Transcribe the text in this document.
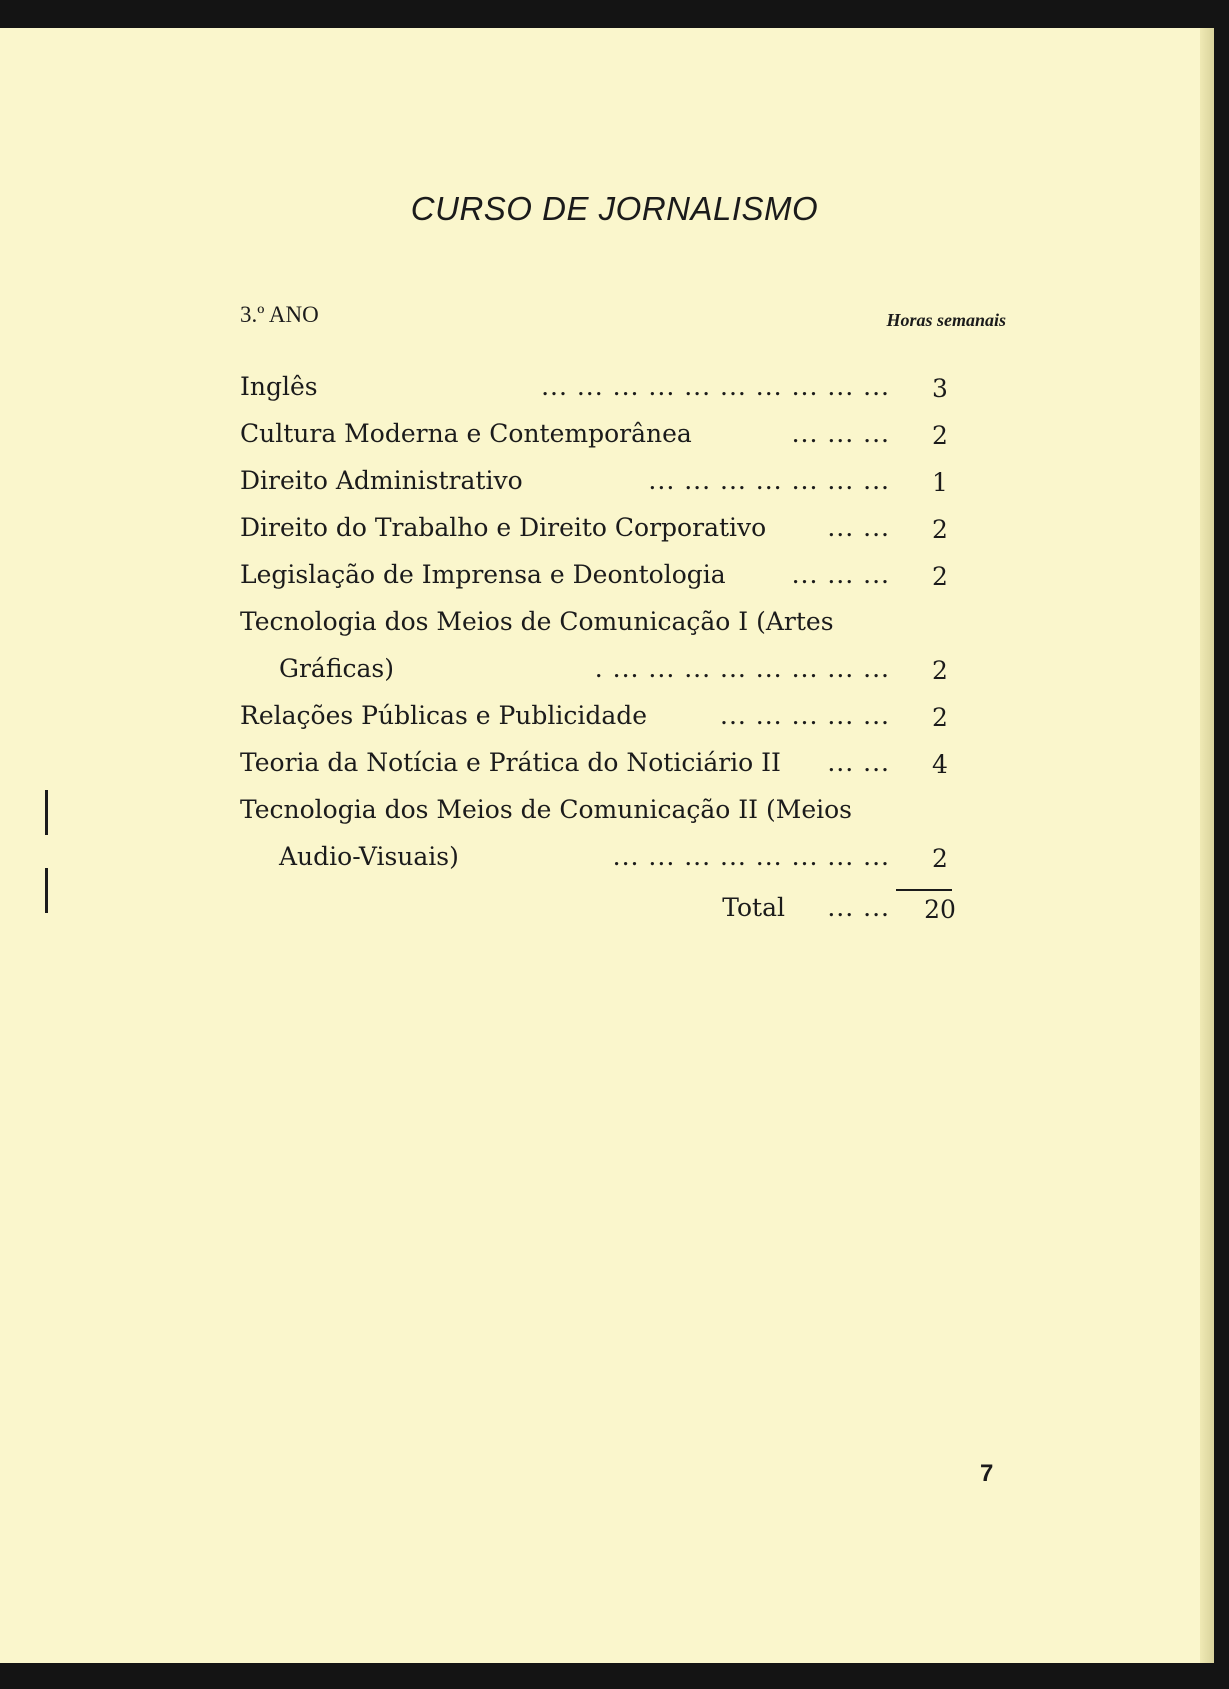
CURSO DE JORNALISMO
3.º ANO	Horas semanais
... ... ... ... ... ... ... ... ... ...
Inglês	3
... ... ...
Cultura Moderna e Contemporânea	2
... ... ... ... ... ... ...
Direito Administrativo	1
... ...
Direito do Trabalho e Direito Corporativo	2
... ... ...
Legislação de Imprensa e Deontologia	2
Tecnologia dos Meios de Comunicação I (Artes
. ... ... ... ... ... ... ... ...
Gráficas)	2
... ... ... ... ...
Relações Públicas e Publicidade	2
... ...
Teoria da Notícia e Prática do Noticiário II	4
Tecnologia dos Meios de Comunicação II (Meios
... ... ... ... ... ... ... ...
Audio-Visuais)	2
Total ... ... 20
7
